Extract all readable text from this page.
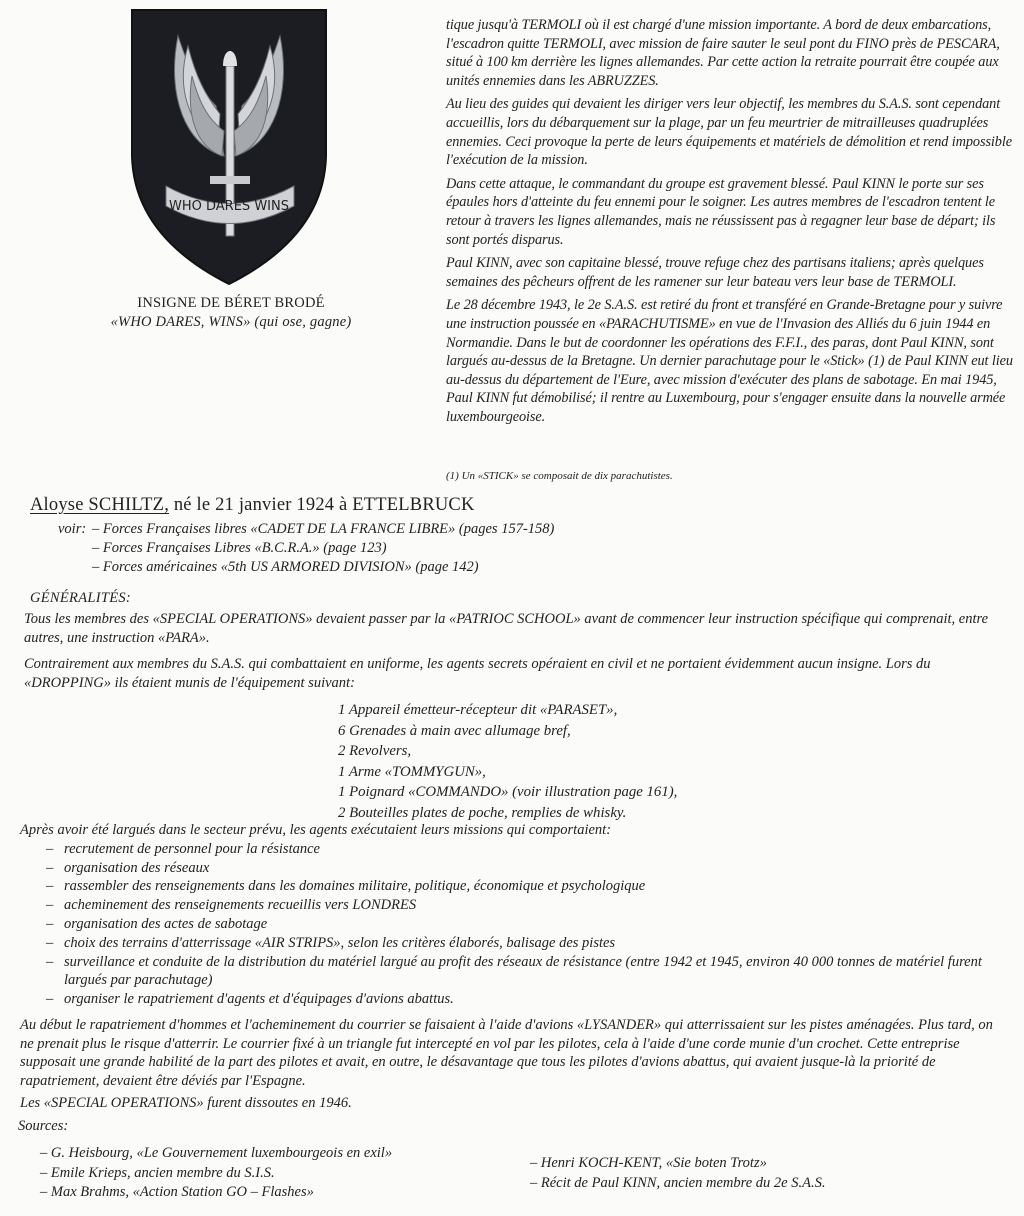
WHO DARES WINS
INSIGNE DE BÉRET BRODÉ
«WHO DARES, WINS» (qui ose, gagne)

tique jusqu'à TERMOLI où il est chargé d'une mission importante. A bord de deux embarcations, l'escadron quitte TERMOLI, avec mission de faire sauter le seul pont du FINO près de PESCARA, situé à 100 km derrière les lignes allemandes. Par cette action la retraite pourrait être coupée aux unités ennemies dans les ABRUZZES.

Au lieu des guides qui devaient les diriger vers leur objectif, les membres du S.A.S. sont cependant accueillis, lors du débarquement sur la plage, par un feu meurtrier de mitrailleuses quadruplées ennemies. Ceci provoque la perte de leurs équipements et matériels de démolition et rend impossible l'exécution de la mission.

Dans cette attaque, le commandant du groupe est gravement blessé. Paul KINN le porte sur ses épaules hors d'atteinte du feu ennemi pour le soigner. Les autres membres de l'escadron tentent le retour à travers les lignes allemandes, mais ne réussissent pas à regagner leur base de départ; ils sont portés disparus.

Paul KINN, avec son capitaine blessé, trouve refuge chez des partisans italiens; après quelques semaines des pêcheurs offrent de les ramener sur leur bateau vers leur base de TERMOLI.

Le 28 décembre 1943, le 2e S.A.S. est retiré du front et transféré en Grande-Bretagne pour y suivre une instruction poussée en «PARACHUTISME» en vue de l'Invasion des Alliés du 6 juin 1944 en Normandie. Dans le but de coordonner les opérations des F.F.I., des paras, dont Paul KINN, sont largués au-dessus de la Bretagne. Un dernier parachutage pour le «Stick» (1) de Paul KINN eut lieu au-dessus du département de l'Eure, avec mission d'exécuter des plans de sabotage. En mai 1945, Paul KINN fut démobilisé; il rentre au Luxembourg, pour s'engager ensuite dans la nouvelle armée luxembourgeoise.

(1) Un «STICK» se composait de dix parachutistes.
Aloyse SCHILTZ, né le 21 janvier 1924 à ETTELBRUCK
voir: – Forces Françaises libres «CADET DE LA FRANCE LIBRE» (pages 157-158)
– Forces Françaises Libres «B.C.R.A.» (page 123)
– Forces américaines «5th US ARMORED DIVISION» (page 142)
GÉNÉRALITÉS:

Tous les membres des «SPECIAL OPERATIONS» devaient passer par la «PATRIOC SCHOOL» avant de commencer leur instruction spécifique qui comprenait, entre autres, une instruction «PARA».

Contrairement aux membres du S.A.S. qui combattaient en uniforme, les agents secrets opéraient en civil et ne portaient évidemment aucun insigne. Lors du «DROPPING» ils étaient munis de l'équipement suivant:

1 Appareil émetteur-récepteur dit «PARASET»,
6 Grenades à main avec allumage bref,
2 Revolvers,
1 Arme «TOMMYGUN»,
1 Poignard «COMMANDO» (voir illustration page 161),
2 Bouteilles plates de poche, remplies de whisky.
Après avoir été largués dans le secteur prévu, les agents exécutaient leurs missions qui comportaient:
– recrutement de personnel pour la résistance
– organisation des réseaux
– rassembler des renseignements dans les domaines militaire, politique, économique et psychologique
– acheminement des renseignements recueillis vers LONDRES
– organisation des actes de sabotage
– choix des terrains d'atterrissage «AIR STRIPS», selon les critères élaborés, balisage des pistes
– surveillance et conduite de la distribution du matériel largué au profit des réseaux de résistance (entre 1942 et 1945, environ 40 000 tonnes de matériel furent largués par parachutage)
– organiser le rapatriement d'agents et d'équipages d'avions abattus.

Au début le rapatriement d'hommes et l'acheminement du courrier se faisaient à l'aide d'avions «LYSANDER» qui atterrissaient sur les pistes aménagées. Plus tard, on ne prenait plus le risque d'atterrir. Le courrier fixé à un triangle fut intercepté en vol par les pilotes, cela à l'aide d'une corde munie d'un crochet. Cette entreprise supposait une grande habilité de la part des pilotes et avait, en outre, le désavantage que tous les pilotes d'avions abattus, qui avaient jusque-là la priorité de rapatriement, devaient être déviés par l'Espagne.

Les «SPECIAL OPERATIONS» furent dissoutes en 1946.

Sources:
– G. Heisbourg, «Le Gouvernement luxembourgeois en exil»
– Emile Krieps, ancien membre du S.I.S.
– Max Brahms, «Action Station GO – Flashes»
– Henri KOCH-KENT, «Sie boten Trotz»
– Récit de Paul KINN, ancien membre du 2e S.A.S.
